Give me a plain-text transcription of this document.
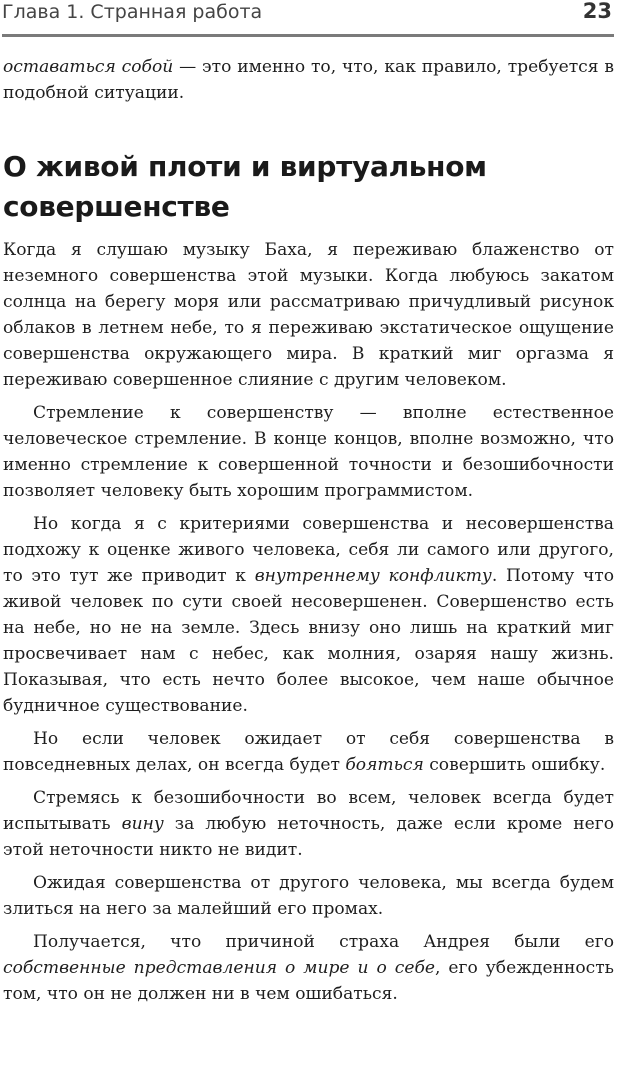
Глава 1. Странная работа	23

оставаться собой — это именно то, что, как правило, требуется в подобной ситуации.

О живой плоти и виртуальном
совершенстве

Когда я слушаю музыку Баха, я переживаю блаженство от неземного совершенства этой музыки. Когда любуюсь закатом солнца на берегу моря или рассматриваю причудливый рисунок облаков в летнем небе, то я переживаю экстатическое ощущение совершенства окружающего мира. В краткий миг оргазма я переживаю совершенное слияние с другим человеком.

Стремление к совершенству — вполне естественное человеческое стремление. В конце концов, вполне возможно, что именно стремление к совершенной точности и безошибочности позволяет человеку быть хорошим программистом.

Но когда я с критериями совершенства и несовершенства подхожу к оценке живого человека, себя ли самого или другого, то это тут же приводит к внутреннему конфликту. Потому что живой человек по сути своей несовершенен. Совершенство есть на небе, но не на земле. Здесь внизу оно лишь на краткий миг просвечивает нам с небес, как молния, озаряя нашу жизнь. Показывая, что есть нечто более высокое, чем наше обычное будничное существование.

Но если человек ожидает от себя совершенства в повседневных делах, он всегда будет бояться совершить ошибку.

Стремясь к безошибочности во всем, человек всегда будет испытывать вину за любую неточность, даже если кроме него этой неточности никто не видит.

Ожидая совершенства от другого человека, мы всегда будем злиться на него за малейший его промах.

Получается, что причиной страха Андрея были его собственные представления о мире и о себе, его убежденность том, что он не должен ни в чем ошибаться.
